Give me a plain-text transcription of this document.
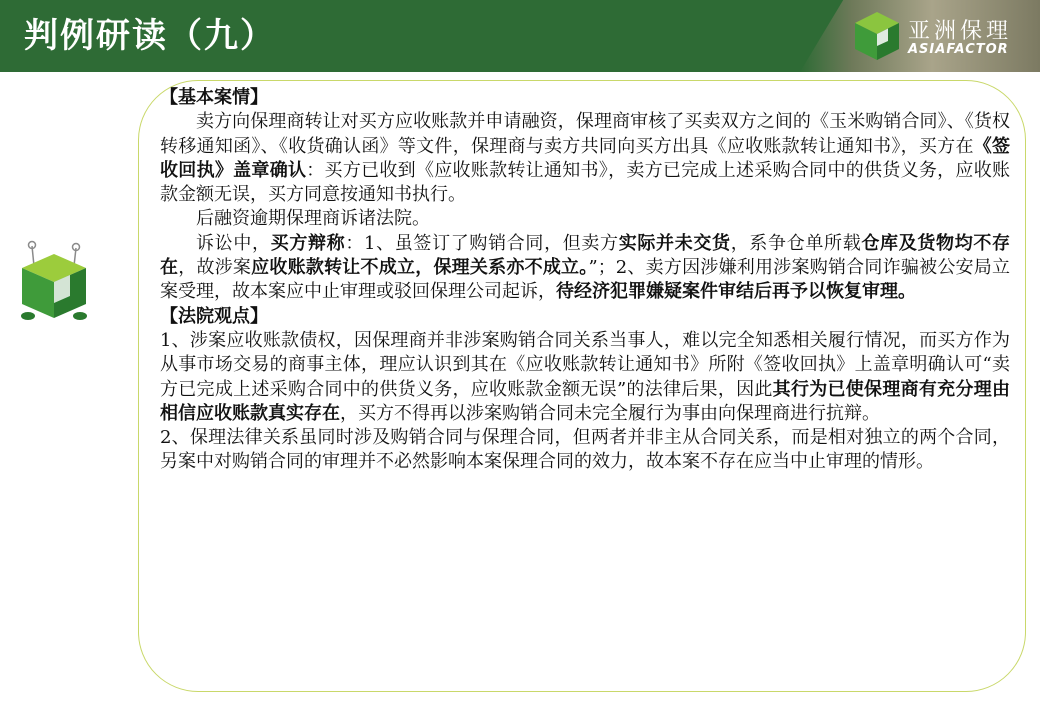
判例研读（九）	亚洲保理
ASIAFACTOR

【基本案情】

卖方向保理商转让对买方应收账款并申请融资，保理商审核了买卖双方之间的《玉米购销合同》、《货权转移通知函》、《收货确认函》等文件，保理商与卖方共同向买方出具《应收账款转让通知书》，买方在《签收回执》盖章确认：买方已收到《应收账款转让通知书》，卖方已完成上述采购合同中的供货义务，应收账款金额无误，买方同意按通知书执行。

后融资逾期保理商诉诸法院。

诉讼中，买方辩称：1、虽签订了购销合同，但卖方实际并未交货，系争仓单所载仓库及货物均不存在，故涉案应收账款转让不成立，保理关系亦不成立。”；2、卖方因涉嫌利用涉案购销合同诈骗被公安局立案受理，故本案应中止审理或驳回保理公司起诉，待经济犯罪嫌疑案件审结后再予以恢复审理。

【法院观点】

1、涉案应收账款债权，因保理商并非涉案购销合同关系当事人，难以完全知悉相关履行情况，而买方作为从事市场交易的商事主体，理应认识到其在《应收账款转让通知书》所附《签收回执》上盖章明确认可“卖方已完成上述采购合同中的供货义务，应收账款金额无误”的法律后果，因此其行为已使保理商有充分理由相信应收账款真实存在，买方不得再以涉案购销合同未完全履行为事由向保理商进行抗辩。

2、保理法律关系虽同时涉及购销合同与保理合同，但两者并非主从合同关系，而是相对独立的两个合同，另案中对购销合同的审理并不必然影响本案保理合同的效力，故本案不存在应当中止审理的情形。
